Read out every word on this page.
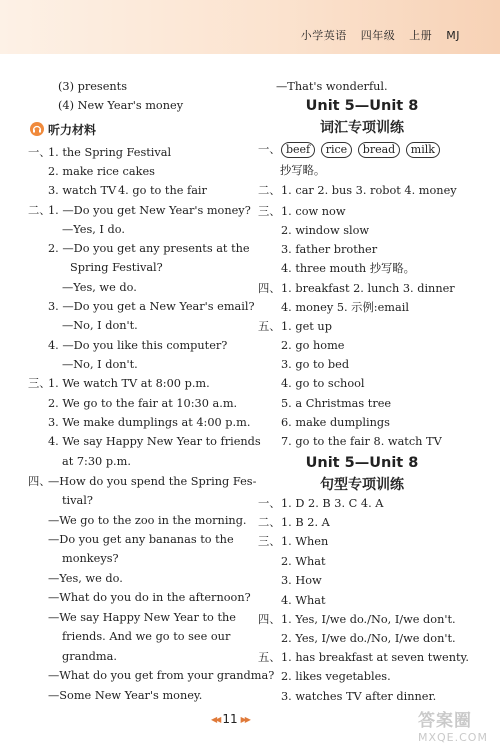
小学英语 四年级 上册 MJ
(3) presents
(4) New Year's money
听力材料
一、
1. the Spring Festival
2. make rice cakes
3. watch TV 4. go to the fair
二、
1. —Do you get New Year's money?
—Yes, I do.
2. —Do you get any presents at the
Spring Festival?
—Yes, we do.
3. —Do you get a New Year's email?
—No, I don't.
4. —Do you like this computer?
—No, I don't.
三、
1. We watch TV at 8:00 p.m.
2. We go to the fair at 10:30 a.m.
3. We make dumplings at 4:00 p.m.
4. We say Happy New Year to friends
at 7:30 p.m.
四、
—How do you spend the Spring Fes-
tival?
—We go to the zoo in the morning.
—Do you get any bananas to the
monkeys?
—Yes, we do.
—What do you do in the afternoon?
—We say Happy New Year to the
friends. And we go to see our
grandma.
—What do you get from your grandma?
—Some New Year's money.
—That's wonderful.
Unit 5—Unit 8
词汇专项训练
一、 beef rice bread milk
抄写略。
二、 1. car 2. bus 3. robot 4. money
三、 1. cow now
2. window slow
3. father brother
4. three mouth 抄写略。
四、 1. breakfast 2. lunch 3. dinner
4. money 5. 示例:email
五、 1. get up
2. go home
3. go to bed
4. go to school
5. a Christmas tree
6. make dumplings
7. go to the fair 8. watch TV
Unit 5—Unit 8
句型专项训练
一、 1. D 2. B 3. C 4. A
二、 1. B 2. A
三、 1. When
2. What
3. How
4. What
四、 1. Yes, I/we do./No, I/we don't.
2. Yes, I/we do./No, I/we don't.
五、 1. has breakfast at seven twenty.
2. likes vegetables.
3. watches TV after dinner.
◀◀ 11 ▶▶	答案圈
MXQE.COM
